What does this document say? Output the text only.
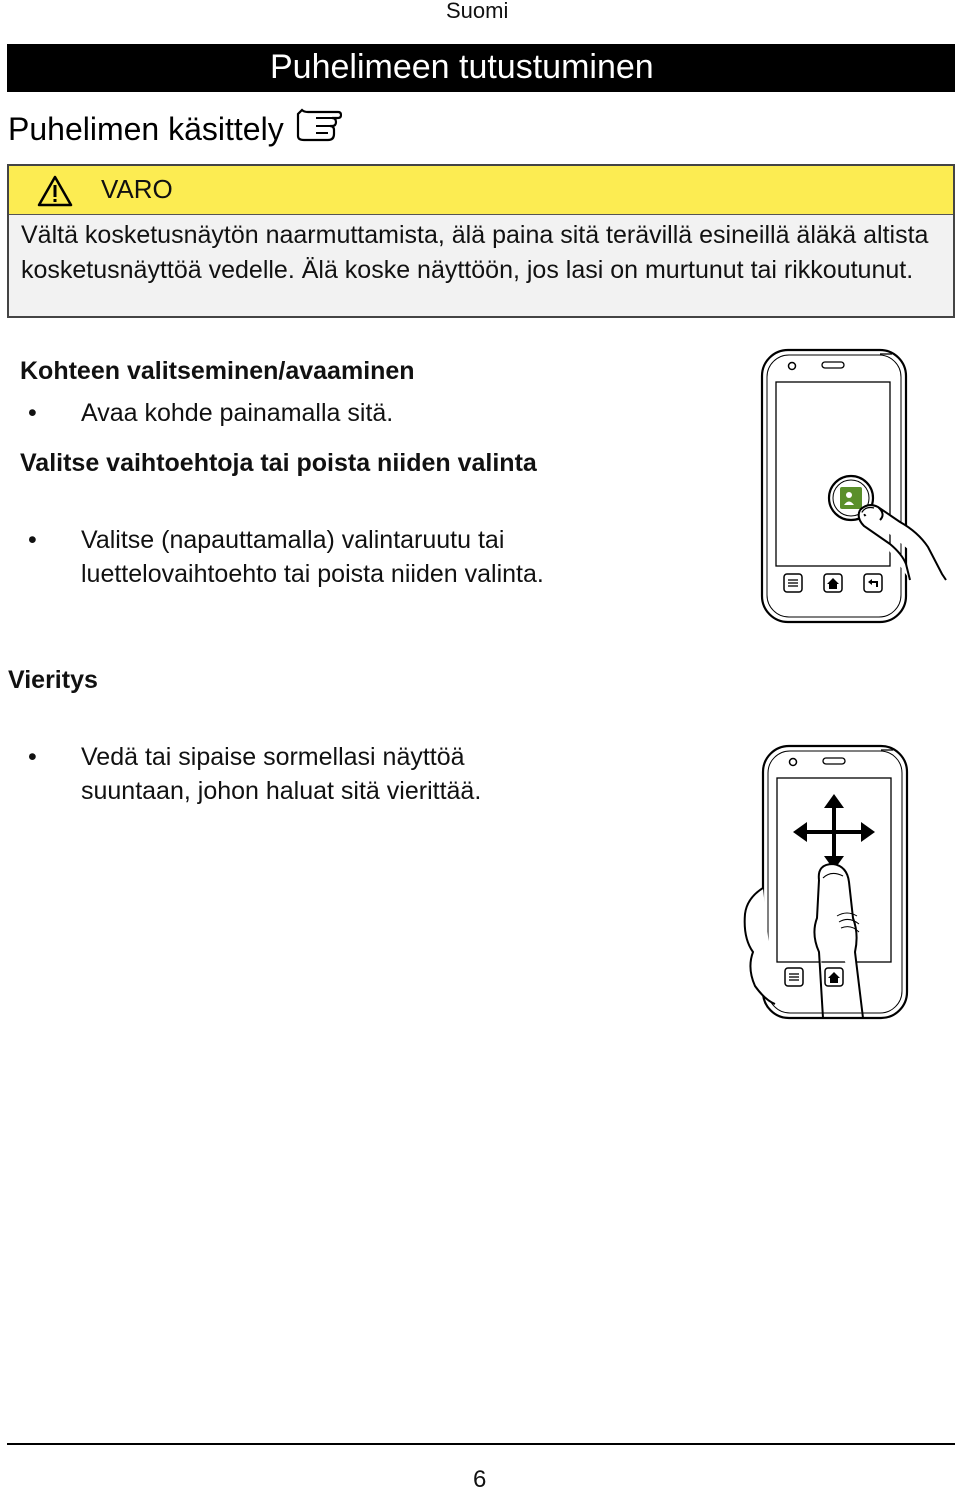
Suomi
Puhelimeen tutustuminen
Puhelimen käsittely
VARO
Vältä kosketusnäytön naarmuttamista, älä paina sitä terävillä esineillä äläkä altista kosketusnäyttöä vedelle. Älä koske näyttöön, jos lasi on murtunut tai rikkoutunut.
Kohteen valitseminen/avaaminen
• Avaa kohde painamalla sitä.
Valitse vaihtoehtoja tai poista niiden valinta
• Valitse (napauttamalla) valintaruutu tai luettelovaihtoehto tai poista niiden valinta.
Vieritys
• Vedä tai sipaise sormellasi näyttöä suuntaan, johon haluat sitä vierittää.
6
